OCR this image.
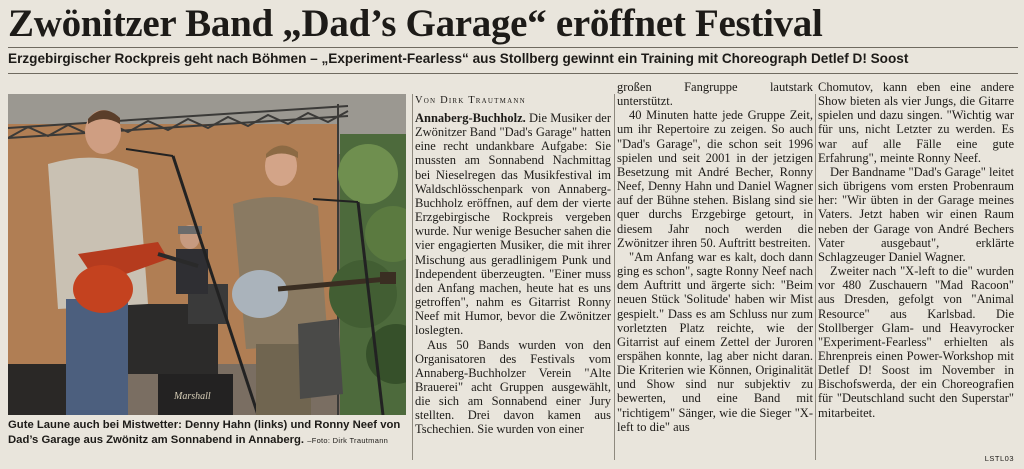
Zwönitzer Band „Dad’s Garage“ eröffnet Festival
Erzgebirgischer Rockpreis geht nach Böhmen – „Experiment-Fearless“ aus Stollberg gewinnt ein Training mit Choreograph Detlef D! Soost
Marshall
Gute Laune auch bei Mistwetter: Denny Hahn (links) und Ronny Neef von Dad’s Garage aus Zwönitz am Sonnabend in Annaberg. –Foto: Dirk Trautmann
Von Dirk Trautmann

Annaberg-Buchholz. Die Musiker der Zwönitzer Band "Dad's Garage" hatten eine recht undankbare Aufgabe: Sie mussten am Sonnabend Nachmittag bei Nieselregen das Musikfestival im Waldschlösschenpark von Annaberg-Buchholz eröffnen, auf dem der vierte Erzgebirgische Rockpreis vergeben wurde. Nur wenige Besucher sahen die vier engagierten Musiker, die mit ihrer Mischung aus geradlinigem Punk und Independent überzeugten. "Einer muss den Anfang machen, heute hat es uns getroffen", nahm es Gitarrist Ronny Neef mit Humor, bevor die Zwönitzer loslegten.

Aus 50 Bands wurden von den Organisatoren des Festivals vom Annaberg-Buchholzer Verein "Alte Brauerei" acht Gruppen ausgewählt, die sich am Sonnabend einer Jury stellten. Drei davon kamen aus Tschechien. Sie wurden von einer

großen Fangruppe lautstark unterstützt.

40 Minuten hatte jede Gruppe Zeit, um ihr Repertoire zu zeigen. So auch "Dad's Garage", die schon seit 1996 spielen und seit 2001 in der jetzigen Besetzung mit André Becher, Ronny Neef, Denny Hahn und Daniel Wagner auf der Bühne stehen. Bislang sind sie quer durchs Erzgebirge getourt, in diesem Jahr noch werden die Zwönitzer ihren 50. Auftritt bestreiten.

"Am Anfang war es kalt, doch dann ging es schon", sagte Ronny Neef nach dem Auftritt und ärgerte sich: "Beim neuen Stück 'Solitude' haben wir Mist gespielt." Dass es am Schluss nur zum vorletzten Platz reichte, wie der Gitarrist auf einem Zettel der Juroren erspähen konnte, lag aber nicht daran. Die Kriterien wie Können, Originalität und Show sind nur subjektiv zu bewerten, und eine Band mit "richtigem" Sänger, wie die Sieger "X-left to die" aus

Chomutov, kann eben eine andere Show bieten als vier Jungs, die Gitarre spielen und dazu singen. "Wichtig war für uns, nicht Letzter zu werden. Es war auf alle Fälle eine gute Erfahrung", meinte Ronny Neef.

Der Bandname "Dad's Garage" leitet sich übrigens vom ersten Probenraum her: "Wir übten in der Garage meines Vaters. Jetzt haben wir einen Raum neben der Garage von André Bechers Vater ausgebaut", erklärte Schlagzeuger Daniel Wagner.

Zweiter nach "X-left to die" wurden vor 480 Zuschauern "Mad Racoon" aus Dresden, gefolgt von "Animal Resource" aus Karlsbad. Die Stollberger Glam- und Heavyrocker "Experiment-Fearless" erhielten als Ehrenpreis einen Power-Workshop mit Detlef D! Soost im November in Bischofswerda, der ein Choreografien für "Deutschland sucht den Superstar" mitarbeitet.

LSTL03
